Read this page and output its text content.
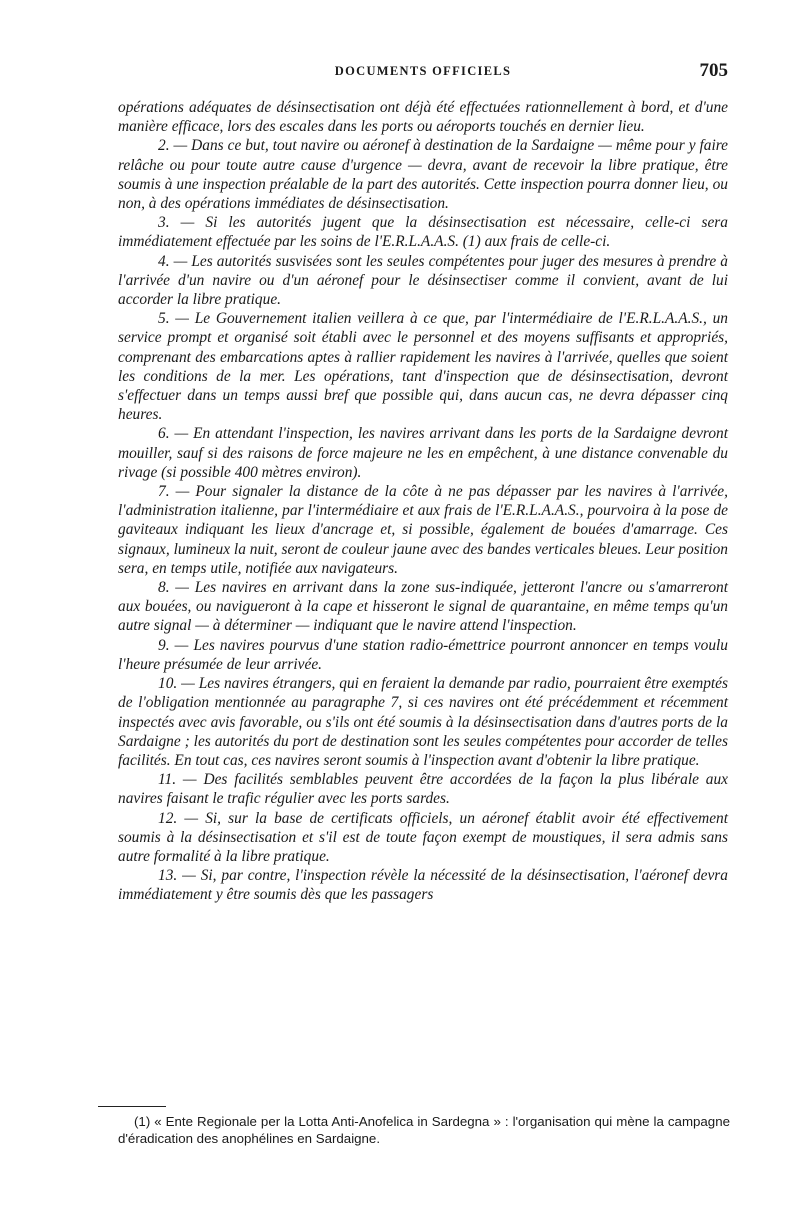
DOCUMENTS OFFICIELS	705

opérations adéquates de désinsectisation ont déjà été effectuées rationnellement à bord, et d'une manière efficace, lors des escales dans les ports ou aéroports touchés en dernier lieu.

2. — Dans ce but, tout navire ou aéronef à destination de la Sardaigne — même pour y faire relâche ou pour toute autre cause d'urgence — devra, avant de recevoir la libre pratique, être soumis à une inspection préalable de la part des autorités. Cette inspection pourra donner lieu, ou non, à des opérations immédiates de désinsectisation.

3. — Si les autorités jugent que la désinsectisation est nécessaire, celle-ci sera immédiatement effectuée par les soins de l'E.R.L.A.A.S. (1) aux frais de celle-ci.

4. — Les autorités susvisées sont les seules compétentes pour juger des mesures à prendre à l'arrivée d'un navire ou d'un aéronef pour le désinsectiser comme il convient, avant de lui accorder la libre pratique.

5. — Le Gouvernement italien veillera à ce que, par l'intermédiaire de l'E.R.L.A.A.S., un service prompt et organisé soit établi avec le personnel et des moyens suffisants et appropriés, comprenant des embarcations aptes à rallier rapidement les navires à l'arrivée, quelles que soient les conditions de la mer. Les opérations, tant d'inspection que de désinsectisation, devront s'effectuer dans un temps aussi bref que possible qui, dans aucun cas, ne devra dépasser cinq heures.

6. — En attendant l'inspection, les navires arrivant dans les ports de la Sardaigne devront mouiller, sauf si des raisons de force majeure ne les en empêchent, à une distance convenable du rivage (si possible 400 mètres environ).

7. — Pour signaler la distance de la côte à ne pas dépasser par les navires à l'arrivée, l'administration italienne, par l'intermédiaire et aux frais de l'E.R.L.A.A.S., pourvoira à la pose de gaviteaux indiquant les lieux d'ancrage et, si possible, également de bouées d'amarrage. Ces signaux, lumineux la nuit, seront de couleur jaune avec des bandes verticales bleues. Leur position sera, en temps utile, notifiée aux navigateurs.

8. — Les navires en arrivant dans la zone sus-indiquée, jetteront l'ancre ou s'amarreront aux bouées, ou navigueront à la cape et hisseront le signal de quarantaine, en même temps qu'un autre signal — à déterminer — indiquant que le navire attend l'inspection.

9. — Les navires pourvus d'une station radio-émettrice pourront annoncer en temps voulu l'heure présumée de leur arrivée.

10. — Les navires étrangers, qui en feraient la demande par radio, pourraient être exemptés de l'obligation mentionnée au paragraphe 7, si ces navires ont été précédemment et récemment inspectés avec avis favorable, ou s'ils ont été soumis à la désinsectisation dans d'autres ports de la Sardaigne ; les autorités du port de destination sont les seules compétentes pour accorder de telles facilités. En tout cas, ces navires seront soumis à l'inspection avant d'obtenir la libre pratique.

11. — Des facilités semblables peuvent être accordées de la façon la plus libérale aux navires faisant le trafic régulier avec les ports sardes.

12. — Si, sur la base de certificats officiels, un aéronef établit avoir été effectivement soumis à la désinsectisation et s'il est de toute façon exempt de moustiques, il sera admis sans autre formalité à la libre pratique.

13. — Si, par contre, l'inspection révèle la nécessité de la désinsectisation, l'aéronef devra immédiatement y être soumis dès que les passagers

(1) « Ente Regionale per la Lotta Anti-Anofelica in Sardegna » : l'organisation qui mène la campagne d'éradication des anophélines en Sardaigne.
